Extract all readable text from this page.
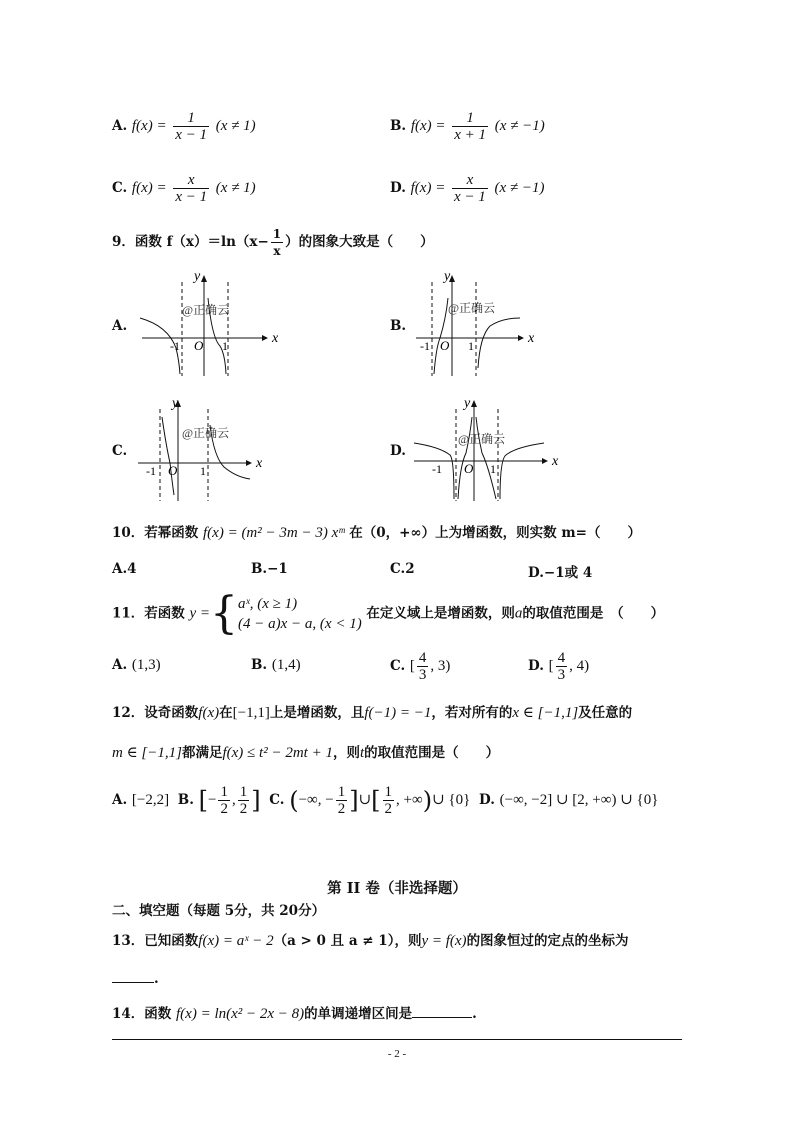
A. $f(x) = \frac{1}{x - 1} (x \ne 1)$	B. $f(x) = \frac{1}{x + 1} (x \ne -1)$
C. $f(x) = \frac{x}{x - 1} (x \ne 1)$	D. $f(x) = \frac{x}{x - 1} (x \ne -1)$
9．函数 $f(x)=\ln(x- \frac{1}{x}$ ）的图象大致是（　　）
A.
x
y
O
-1	1
@正确云
B.
x
y
O
-1	1
@正确云
C.
x
y
O
-1	1
@正确云
D.
x
y
O
-1	1
@正确云
10．若幂函数 f(x) = (m² − 3m − 3) xᵐ 在（0，+∞）上为增函数，则实数 m=（　　）
A.4	B.−1	C.2	D.−1或 4
11．若函数 y ={ aˣ, (x ≥ 1)
(4 − a)x − a, (x < 1)
在定义域上是增函数，则a的取值范围是　（　　）
A. (1,3)	B. (1,4)	C. [ $\frac{4}{3}$ , 3)	D. [ $\frac{4}{3}$ , 4)
12．设奇函数f(x)在[−1,1]上是增函数，且f(−1) = −1，若对所有的x ∈ [−1,1]及任意的
m ∈ [−1,1]都满足f(x) ≤ t² − 2mt + 1，则t的取值范围是（　　）
A. [−2,2] B. [− $\frac{1}{2}$ , $\frac{1}{2}$ ] C. (−∞, − $\frac{1}{2}$ ]∪[ $\frac{1}{2}$ , +∞)∪ {0} D. (−∞, −2] ∪ [2, +∞) ∪ {0}
第 II 卷（非选择题）
二、填空题（每题 5分，共 20分）
13．已知函数f(x) = aˣ − 2（a > 0 且 a ≠ 1），则y = f(x)的图象恒过的定点的坐标为
.
14．函数 f(x) = ln(x² − 2x − 8)的单调递增区间是	.
- 2 -
